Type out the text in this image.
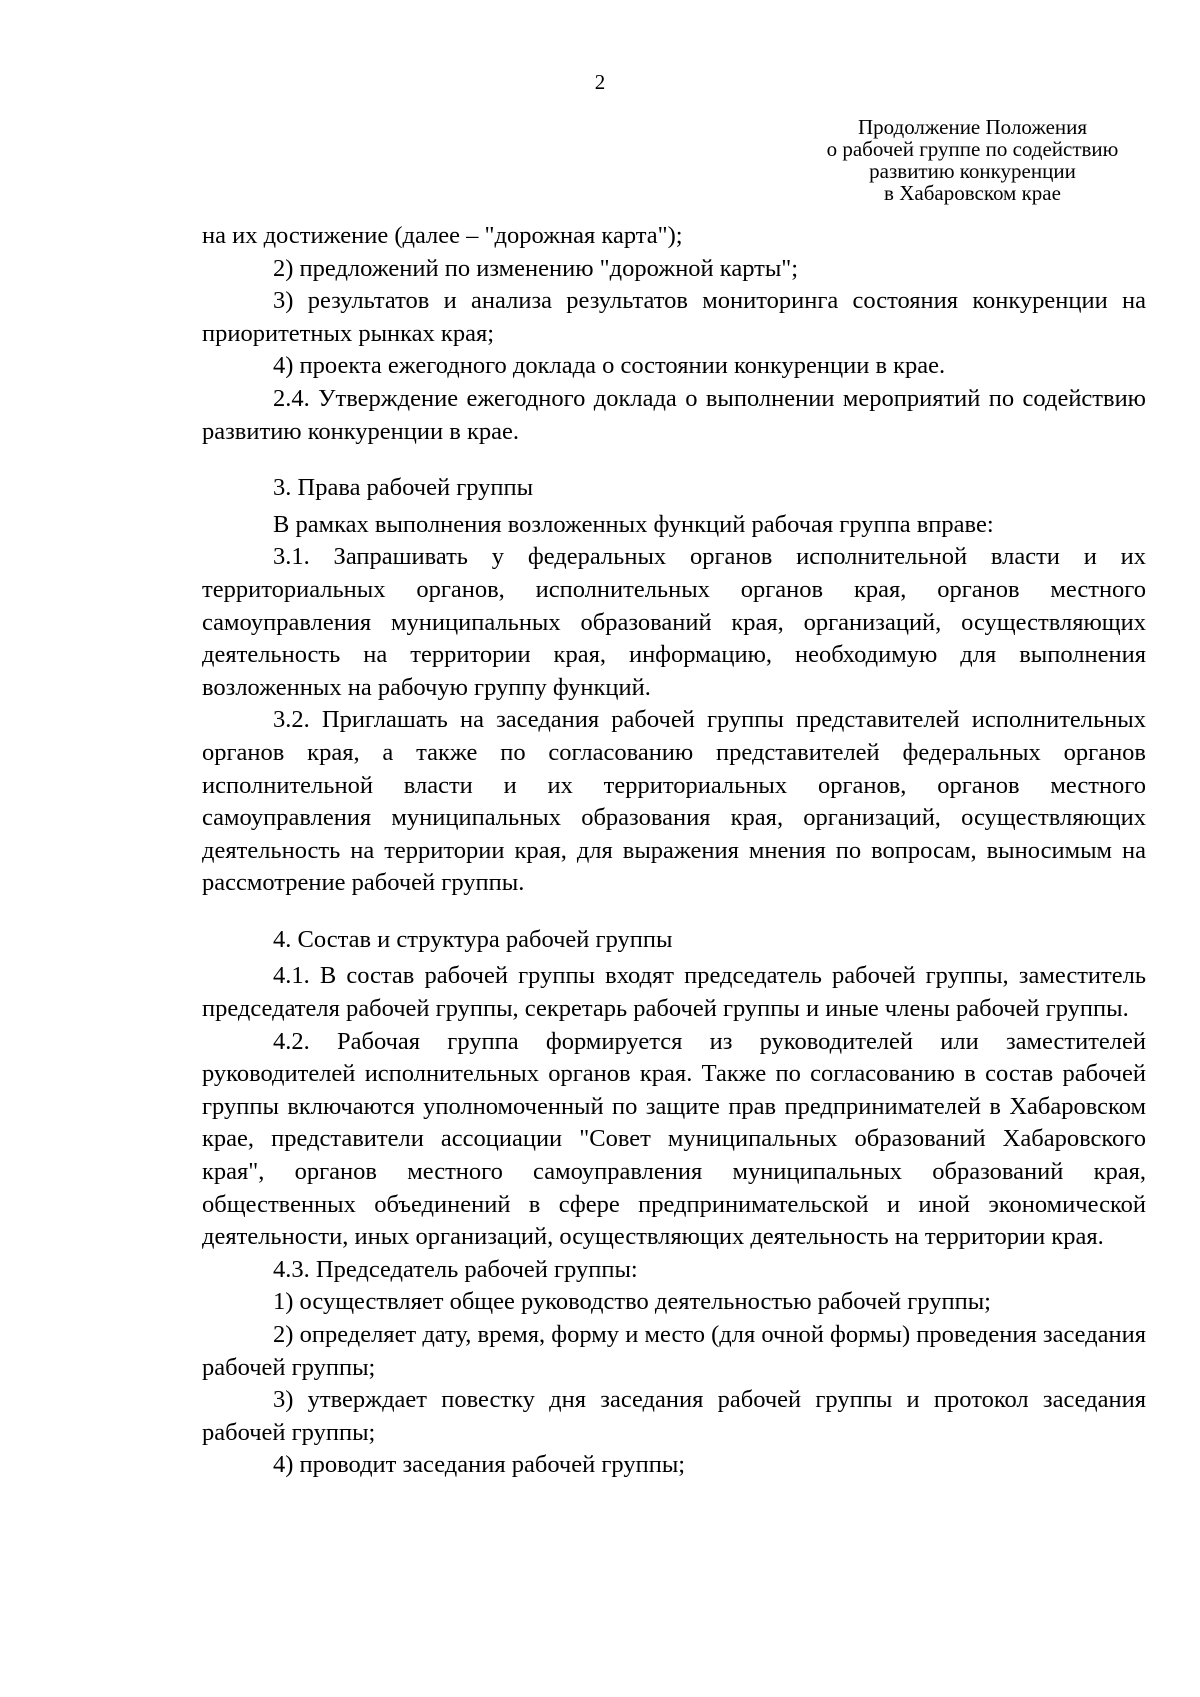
2
Продолжение Положения
о рабочей группе по содействию
развитию конкуренции
в Хабаровском крае

на их достижение (далее – "дорожная карта");

2) предложений по изменению "дорожной карты";

3) результатов и анализа результатов мониторинга состояния конкуренции на приоритетных рынках края;

4) проекта ежегодного доклада о состоянии конкуренции в крае.

2.4. Утверждение ежегодного доклада о выполнении мероприятий по содействию развитию конкуренции в крае.

3. Права рабочей группы

В рамках выполнения возложенных функций рабочая группа вправе:

3.1. Запрашивать у федеральных органов исполнительной власти и их территориальных органов, исполнительных органов края, органов местного самоуправления муниципальных образований края, организаций, осуществляющих деятельность на территории края, информацию, необходимую для выполнения возложенных на рабочую группу функций.

3.2. Приглашать на заседания рабочей группы представителей исполнительных органов края, а также по согласованию представителей федеральных органов исполнительной власти и их территориальных органов, органов местного самоуправления муниципальных образования края, организаций, осуществляющих деятельность на территории края, для выражения мнения по вопросам, выносимым на рассмотрение рабочей группы.

4. Состав и структура рабочей группы

4.1. В состав рабочей группы входят председатель рабочей группы, заместитель председателя рабочей группы, секретарь рабочей группы и иные члены рабочей группы.

4.2. Рабочая группа формируется из руководителей или заместителей руководителей исполнительных органов края. Также по согласованию в состав рабочей группы включаются уполномоченный по защите прав предпринимателей в Хабаровском крае, представители ассоциации "Совет муниципальных образований Хабаровского края", органов местного самоуправления муниципальных образований края, общественных объединений в сфере предпринимательской и иной экономической деятельности, иных организаций, осуществляющих деятельность на территории края.

4.3. Председатель рабочей группы:

1) осуществляет общее руководство деятельностью рабочей группы;

2) определяет дату, время, форму и место (для очной формы) проведения заседания рабочей группы;

3) утверждает повестку дня заседания рабочей группы и протокол заседания рабочей группы;

4) проводит заседания рабочей группы;
